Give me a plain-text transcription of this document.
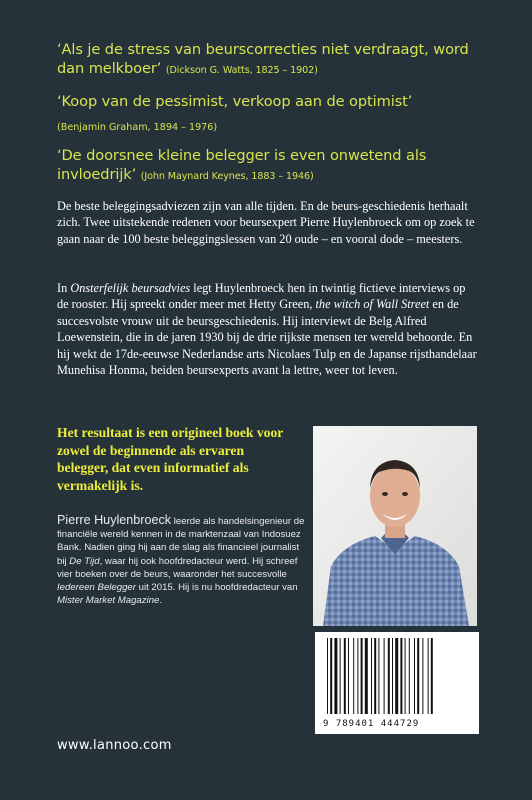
‘Als je de stress van beurscorrecties niet verdraagt, word dan melkboer’ (Dickson G. Watts, 1825 – 1902)
‘Koop van de pessimist, verkoop aan de optimist’
(Benjamin Graham, 1894 – 1976)
‘De doorsnee kleine belegger is even onwetend als invloedrijk’ (John Maynard Keynes, 1883 – 1946)
De beste beleggingsadviezen zijn van alle tijden. En de beurs-geschiedenis herhaalt zich. Twee uitstekende redenen voor beursexpert Pierre Huylenbroeck om op zoek te gaan naar de 100 beste beleggingslessen van 20 oude – en vooral dode – meesters.
In Onsterfelijk beursadvies legt Huylenbroeck hen in twintig fictieve interviews op de rooster. Hij spreekt onder meer met Hetty Green, the witch of Wall Street en de succesvolste vrouw uit de beursgeschiedenis. Hij interviewt de Belg Alfred Loewenstein, die in de jaren 1930 bij de drie rijkste mensen ter wereld behoorde. En hij wekt de 17de-eeuwse Nederlandse arts Nicolaes Tulp en de Japanse rijsthandelaar Munehisa Honma, beiden beursexperts avant la lettre, weer tot leven.
Het resultaat is een origineel boek voor zowel de beginnende als ervaren belegger, dat even informatief als vermakelijk is.
Pierre Huylenbroeck leerde als handelsingenieur de financiële wereld kennen in de marktenzaal van Indosuez Bank. Nadien ging hij aan de slag als financieel journalist bij De Tijd, waar hij ook hoofdredacteur werd. Hij schreef vier boeken over de beurs, waaronder het succesvolle Iedereen Belegger uit 2015. Hij is nu hoofdredacteur van Mister Market Magazine.
9 789401 444729
www.lannoo.com
